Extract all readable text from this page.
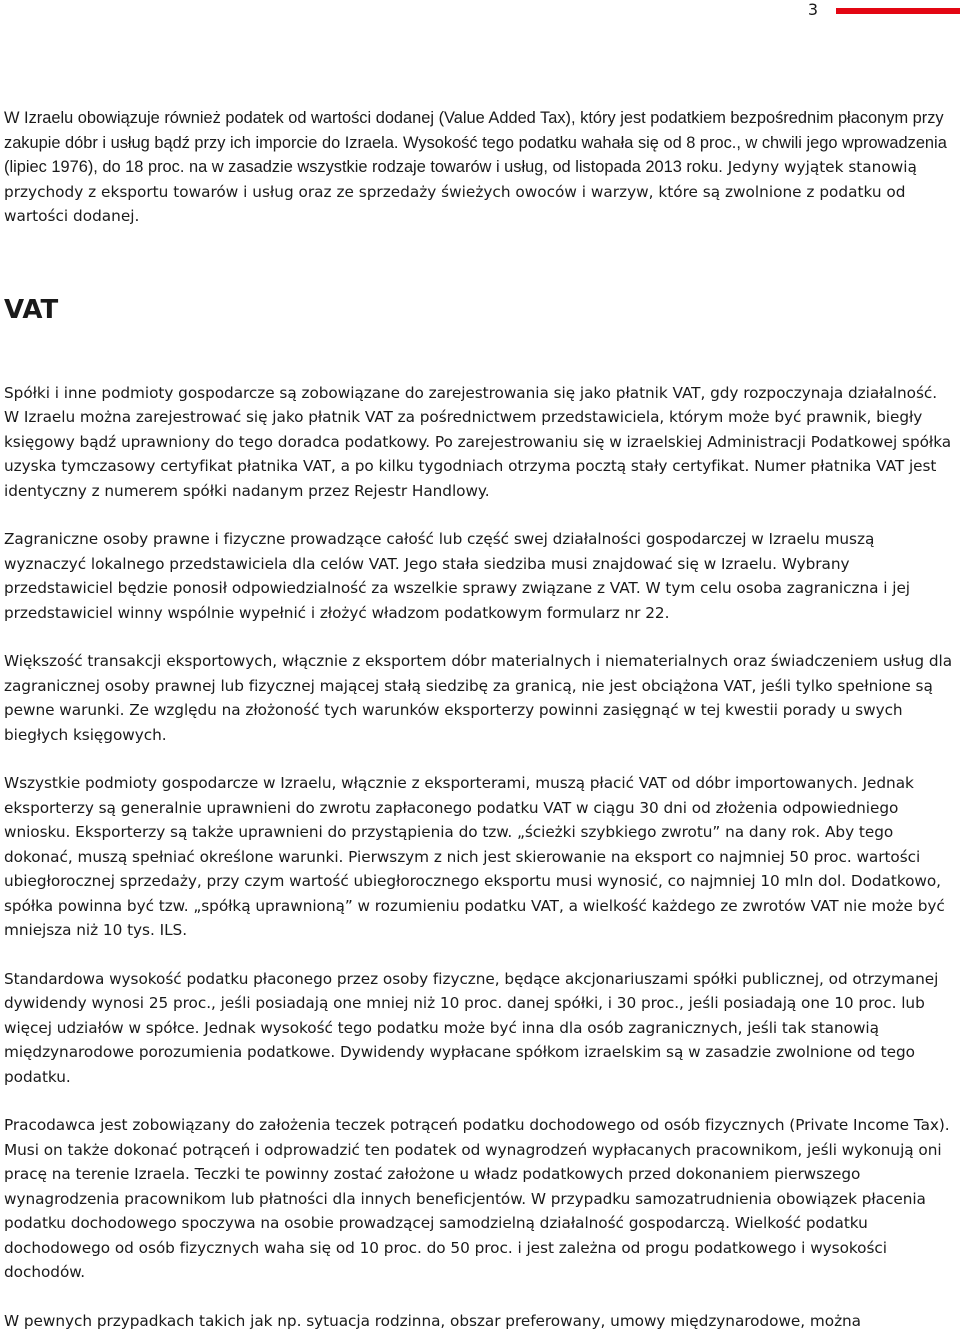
3

W Izraelu obowiązuje również podatek od wartości dodanej (Value Added Tax), który jest podatkiem bezpośrednim płaconym przy zakupie dóbr i usług bądź przy ich imporcie do Izraela. Wysokość tego podatku wahała się od 8 proc., w chwili jego wprowadzenia (lipiec 1976), do 18 proc. na w zasadzie wszystkie rodzaje towarów i usług, od listopada 2013 roku. Jedyny wyjątek stanowią przychody z eksportu towarów i usług oraz ze sprzedaży świeżych owoców i warzyw, które są zwolnione z podatku od wartości dodanej.

VAT

Spółki i inne podmioty gospodarcze są zobowiązane do zarejestrowania się jako płatnik VAT, gdy rozpoczynaja działalność. W Izraelu można zarejestrować się jako płatnik VAT za pośrednictwem przedstawiciela, którym może być prawnik, biegły księgowy bądź uprawniony do tego doradca podatkowy. Po zarejestrowaniu się w izraelskiej Administracji Podatkowej spółka uzyska tymczasowy certyfikat płatnika VAT, a po kilku tygodniach otrzyma pocztą stały certyfikat. Numer płatnika VAT jest identyczny z numerem spółki nadanym przez Rejestr Handlowy.

Zagraniczne osoby prawne i fizyczne prowadzące całość lub część swej działalności gospodarczej w Izraelu muszą wyznaczyć lokalnego przedstawiciela dla celów VAT. Jego stała siedziba musi znajdować się w Izraelu. Wybrany przedstawiciel będzie ponosił odpowiedzialność za wszelkie sprawy związane z VAT. W tym celu osoba zagraniczna i jej przedstawiciel winny wspólnie wypełnić i złożyć władzom podatkowym formularz nr 22.

Większość transakcji eksportowych, włącznie z eksportem dóbr materialnych i niematerialnych oraz świadczeniem usług dla zagranicznej osoby prawnej lub fizycznej mającej stałą siedzibę za granicą, nie jest obciążona VAT, jeśli tylko spełnione są pewne warunki. Ze względu na złożoność tych warunków eksporterzy powinni zasięgnąć w tej kwestii porady u swych biegłych księgowych.

Wszystkie podmioty gospodarcze w Izraelu, włącznie z eksporterami, muszą płacić VAT od dóbr importowanych. Jednak eksporterzy są generalnie uprawnieni do zwrotu zapłaconego podatku VAT w ciągu 30 dni od złożenia odpowiedniego wniosku. Eksporterzy są także uprawnieni do przystąpienia do tzw. „ścieżki szybkiego zwrotu” na dany rok. Aby tego dokonać, muszą spełniać określone warunki. Pierwszym z nich jest skierowanie na eksport co najmniej 50 proc. wartości ubiegłorocznej sprzedaży, przy czym wartość ubiegłorocznego eksportu musi wynosić, co najmniej 10 mln dol. Dodatkowo, spółka powinna być tzw. „spółką uprawnioną” w rozumieniu podatku VAT, a wielkość każdego ze zwrotów VAT nie może być mniejsza niż 10 tys. ILS.

Standardowa wysokość podatku płaconego przez osoby fizyczne, będące akcjonariuszami spółki publicznej, od otrzymanej dywidendy wynosi 25 proc., jeśli posiadają one mniej niż 10 proc. danej spółki, i 30 proc., jeśli posiadają one 10 proc. lub więcej udziałów w spółce. Jednak wysokość tego podatku może być inna dla osób zagranicznych, jeśli tak stanowią międzynarodowe porozumienia podatkowe. Dywidendy wypłacane spółkom izraelskim są w zasadzie zwolnione od tego podatku.

Pracodawca jest zobowiązany do założenia teczek potrąceń podatku dochodowego od osób fizycznych (Private Income Tax). Musi on także dokonać potrąceń i odprowadzić ten podatek od wynagrodzeń wypłacanych pracownikom, jeśli wykonują oni pracę na terenie Izraela. Teczki te powinny zostać założone u władz podatkowych przed dokonaniem pierwszego wynagrodzenia pracownikom lub płatności dla innych beneficjentów. W przypadku samozatrudnienia obowiązek płacenia podatku dochodowego spoczywa na osobie prowadzącej samodzielną działalność gospodarczą. Wielkość podatku dochodowego od osób fizycznych waha się od 10 proc. do 50 proc. i jest zależna od progu podatkowego i wysokości dochodów.

W pewnych przypadkach takich jak np. sytuacja rodzinna, obszar preferowany, umowy międzynarodowe, można
